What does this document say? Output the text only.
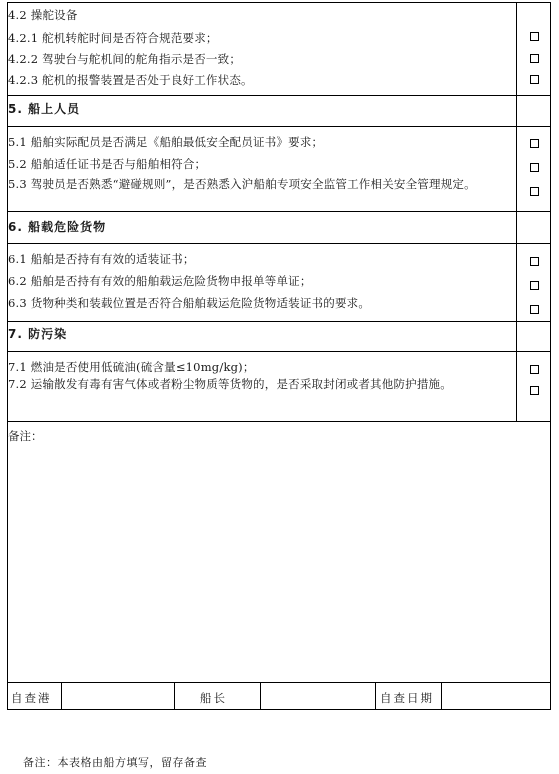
4.2 操舵设备
4.2.1 舵机转舵时间是否符合规范要求；
4.2.2 驾驶台与舵机间的舵角指示是否一致；
4.2.3 舵机的报警装置是否处于良好工作状态。
5. 船上人员
5.1 船舶实际配员是否满足《船舶最低安全配员证书》要求；
5.2 船舶适任证书是否与船舶相符合；
5.3 驾驶员是否熟悉“避碰规则”，是否熟悉入沪船舶专项安全监管工作相关安全管理规定。
6. 船载危险货物
6.1 船舶是否持有有效的适装证书；
6.2 船舶是否持有有效的船舶载运危险货物申报单等单证；
6.3 货物种类和装载位置是否符合船舶载运危险货物适装证书的要求。
7. 防污染
7.1 燃油是否使用低硫油(硫含量≤10mg/kg)；
7.2 运输散发有毒有害气体或者粉尘物质等货物的，是否采取封闭或者其他防护措施。
备注：
自查港	船长	自查日期
备注：本表格由船方填写，留存备查
